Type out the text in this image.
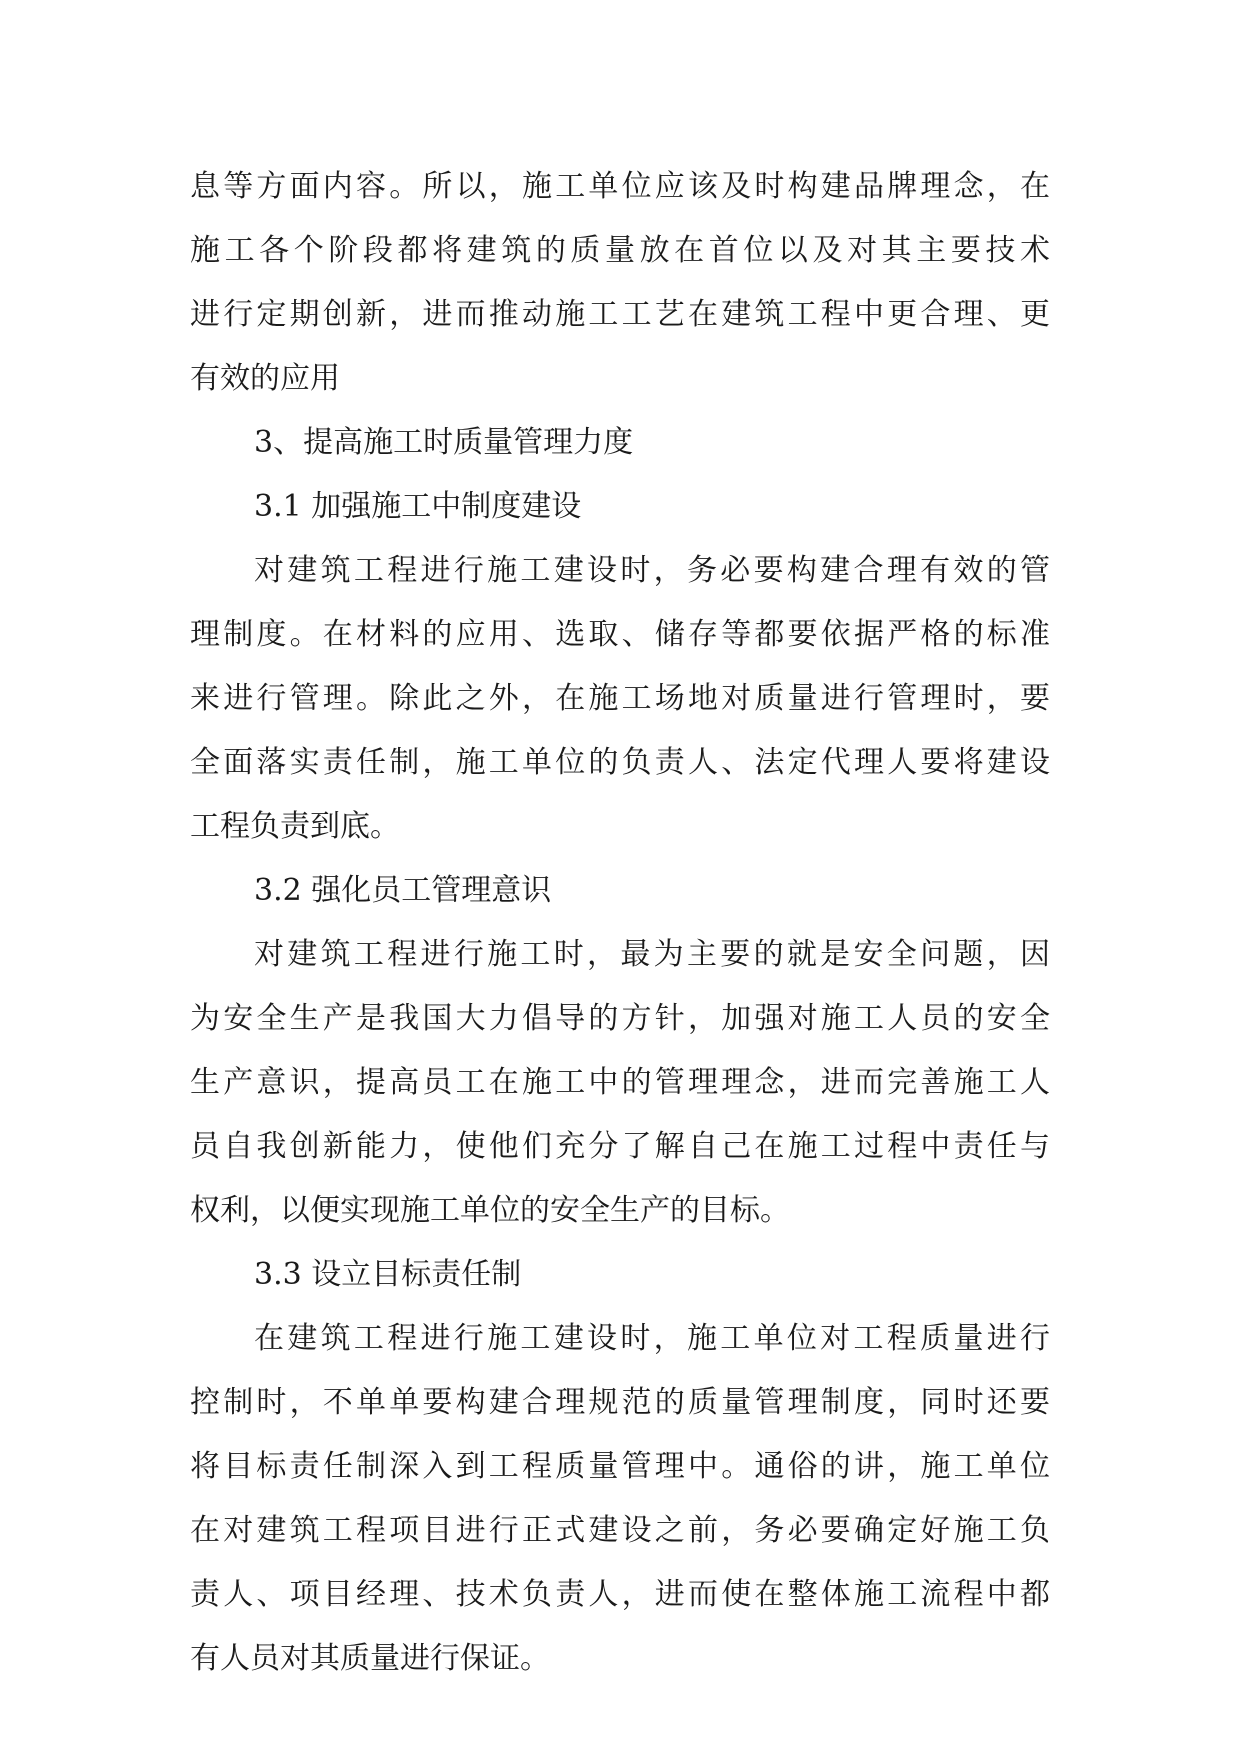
息等方面内容。所以，施工单位应该及时构建品牌理念，在
施工各个阶段都将建筑的质量放在首位以及对其主要技术
进行定期创新，进而推动施工工艺在建筑工程中更合理、更
有效的应用
3、提高施工时质量管理力度
3.1 加强施工中制度建设
对建筑工程进行施工建设时，务必要构建合理有效的管
理制度。在材料的应用、选取、储存等都要依据严格的标准
来进行管理。除此之外，在施工场地对质量进行管理时，要
全面落实责任制，施工单位的负责人、法定代理人要将建设
工程负责到底。
3.2 强化员工管理意识
对建筑工程进行施工时，最为主要的就是安全问题，因
为安全生产是我国大力倡导的方针，加强对施工人员的安全
生产意识，提高员工在施工中的管理理念，进而完善施工人
员自我创新能力，使他们充分了解自己在施工过程中责任与
权利，以便实现施工单位的安全生产的目标。
3.3 设立目标责任制
在建筑工程进行施工建设时，施工单位对工程质量进行
控制时，不单单要构建合理规范的质量管理制度，同时还要
将目标责任制深入到工程质量管理中。通俗的讲，施工单位
在对建筑工程项目进行正式建设之前，务必要确定好施工负
责人、项目经理、技术负责人，进而使在整体施工流程中都
有人员对其质量进行保证。
